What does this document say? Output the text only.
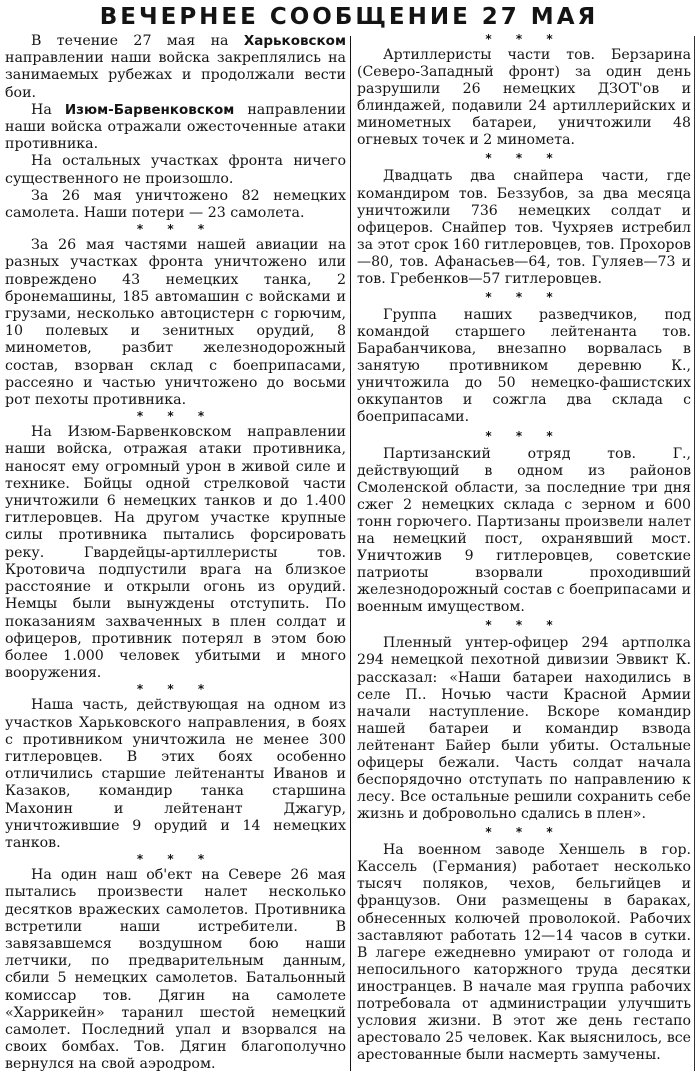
ВЕЧЕРНЕЕ СООБЩЕНИЕ 27 МАЯ

В течение 27 мая на Харьковском направлении наши войска закреплялись на занимаемых рубежах и продолжали вести бои.

На Изюм-Барвенковском направлении наши войска отражали ожесточенные атаки противника.

На остальных участках фронта ничего существенного не произошло.

За 26 мая уничтожено 82 немецких самолета. Наши потери — 23 самолета.

* * *

За 26 мая частями нашей авиации на разных участках фронта уничтожено или повреждено 43 немецких танка, 2 бронемашины, 185 автомашин с войсками и грузами, несколько автоцистерн с горючим, 10 полевых и зенитных орудий, 8 минометов, разбит железнодорожный состав, взорван склад с боеприпасами, рассеяно и частью уничтожено до восьми рот пехоты противника.

* * *

На Изюм-Барвенковском направлении наши войска, отражая атаки противника, наносят ему огромный урон в живой силе и технике. Бойцы одной стрелковой части уничтожили 6 немецких танков и до 1.400 гитлеровцев. На другом участке крупные силы противника пытались форсировать реку. Гвардейцы-артиллеристы тов. Кротовича подпустили врага на близкое расстояние и открыли огонь из орудий. Немцы были вынуждены отступить. По показаниям захваченных в плен солдат и офицеров, противник потерял в этом бою более 1.000 человек убитыми и много вооружения.

* * *

Наша часть, действующая на одном из участков Харьковского направления, в боях с противником уничтожила не менее 300 гитлеровцев. В этих боях особенно отличились старшие лейтенанты Иванов и Казаков, командир танка старшина Махонин и лейтенант Джагур, уничтожившие 9 орудий и 14 немецких танков.

* * *

На один наш об'ект на Севере 26 мая пытались произвести налет несколько десятков вражеских самолетов. Противника встретили наши истребители. В завязавшемся воздушном бою наши летчики, по предварительным данным, сбили 5 немецких самолетов. Батальонный комиссар тов. Дягин на самолете «Харрикейн» таранил шестой немецкий самолет. Последний упал и взорвался на своих бомбах. Тов. Дягин благополучно вернулся на свой аэродром.

* * *

Артиллеристы части тов. Берзарина (Северо-Западный фронт) за один день разрушили 26 немецких ДЗОТ'ов и блиндажей, подавили 24 артиллерийских и минометных батареи, уничтожили 48 огневых точек и 2 миномета.

* * *

Двадцать два снайпера части, где командиром тов. Беззубов, за два месяца уничтожили 736 немецких солдат и офицеров. Снайпер тов. Чухряев истребил за этот срок 160 гитлеровцев, тов. Прохоров—80, тов. Афанасьев—64, тов. Гуляев—73 и тов. Гребенков—57 гитлеровцев.

* * *

Группа наших разведчиков, под командой старшего лейтенанта тов. Барабанчикова, внезапно ворвалась в занятую противником деревню К., уничтожила до 50 немецко-фашистских оккупантов и сожгла два склада с боеприпасами.

* * *

Партизанский отряд тов. Г., действующий в одном из районов Смоленской области, за последние три дня сжег 2 немецких склада с зерном и 600 тонн горючего. Партизаны произвели налет на немецкий пост, охранявший мост. Уничтожив 9 гитлеровцев, советские патриоты взорвали проходивший железнодорожный состав с боеприпасами и военным имуществом.

* * *

Пленный унтер-офицер 294 артполка 294 немецкой пехотной дивизии Эввикт К. рассказал: «Наши батареи находились в селе П.. Ночью части Красной Армии начали наступление. Вскоре командир нашей батареи и командир взвода лейтенант Байер были убиты. Остальные офицеры бежали. Часть солдат начала беспорядочно отступать по направлению к лесу. Все остальные решили сохранить себе жизнь и добровольно сдались в плен».

* * *

На военном заводе Хеншель в гор. Кассель (Германия) работает несколько тысяч поляков, чехов, бельгийцев и французов. Они размещены в бараках, обнесенных колючей проволокой. Рабочих заставляют работать 12—14 часов в сутки. В лагере ежедневно умирают от голода и непосильного каторжного труда десятки иностранцев. В начале мая группа рабочих потребовала от администрации улучшить условия жизни. В этот же день гестапо арестовало 25 человек. Как выяснилось, все арестованные были насмерть замучены.
